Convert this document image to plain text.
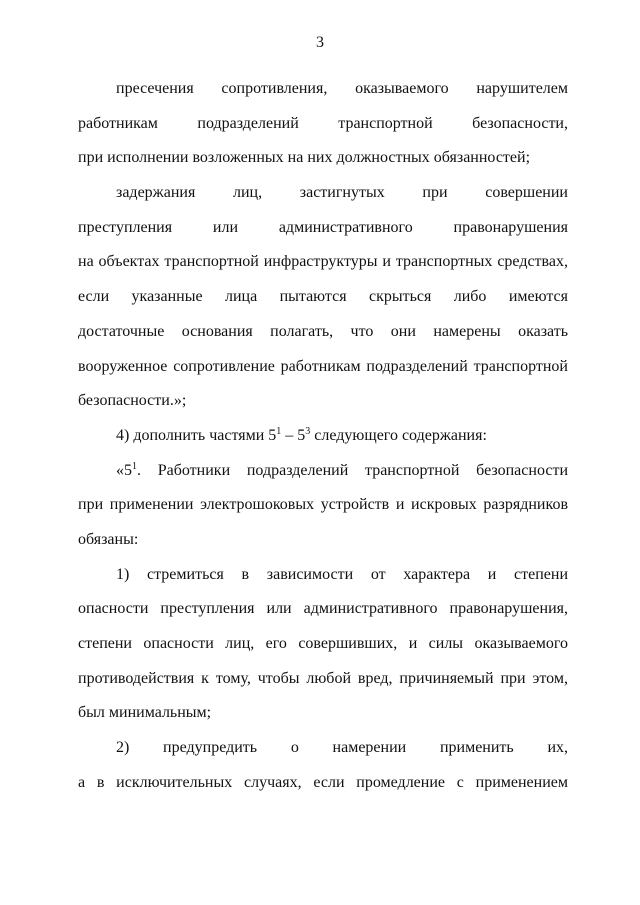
3
пресечения сопротивления, оказываемого нарушителем
работникам подразделений транспортной безопасности,
при исполнении возложенных на них должностных обязанностей;
задержания лиц, застигнутых при совершении
преступления или административного правонарушения
на объектах транспортной инфраструктуры и транспортных средствах,
если указанные лица пытаются скрыться либо имеются
достаточные основания полагать, что они намерены оказать
вооруженное сопротивление работникам подразделений транспортной
безопасности.»;
4) дополнить частями $5^1 - 5^3$ следующего содержания:
«$5^1$. Работники подразделений транспортной безопасности
при применении электрошоковых устройств и искровых разрядников
обязаны:
1) стремиться в зависимости от характера и степени
опасности преступления или административного правонарушения,
степени опасности лиц, его совершивших, и силы оказываемого
противодействия к тому, чтобы любой вред, причиняемый при этом,
был минимальным;
2) предупредить о намерении применить их,
а в исключительных случаях, если промедление с применением
